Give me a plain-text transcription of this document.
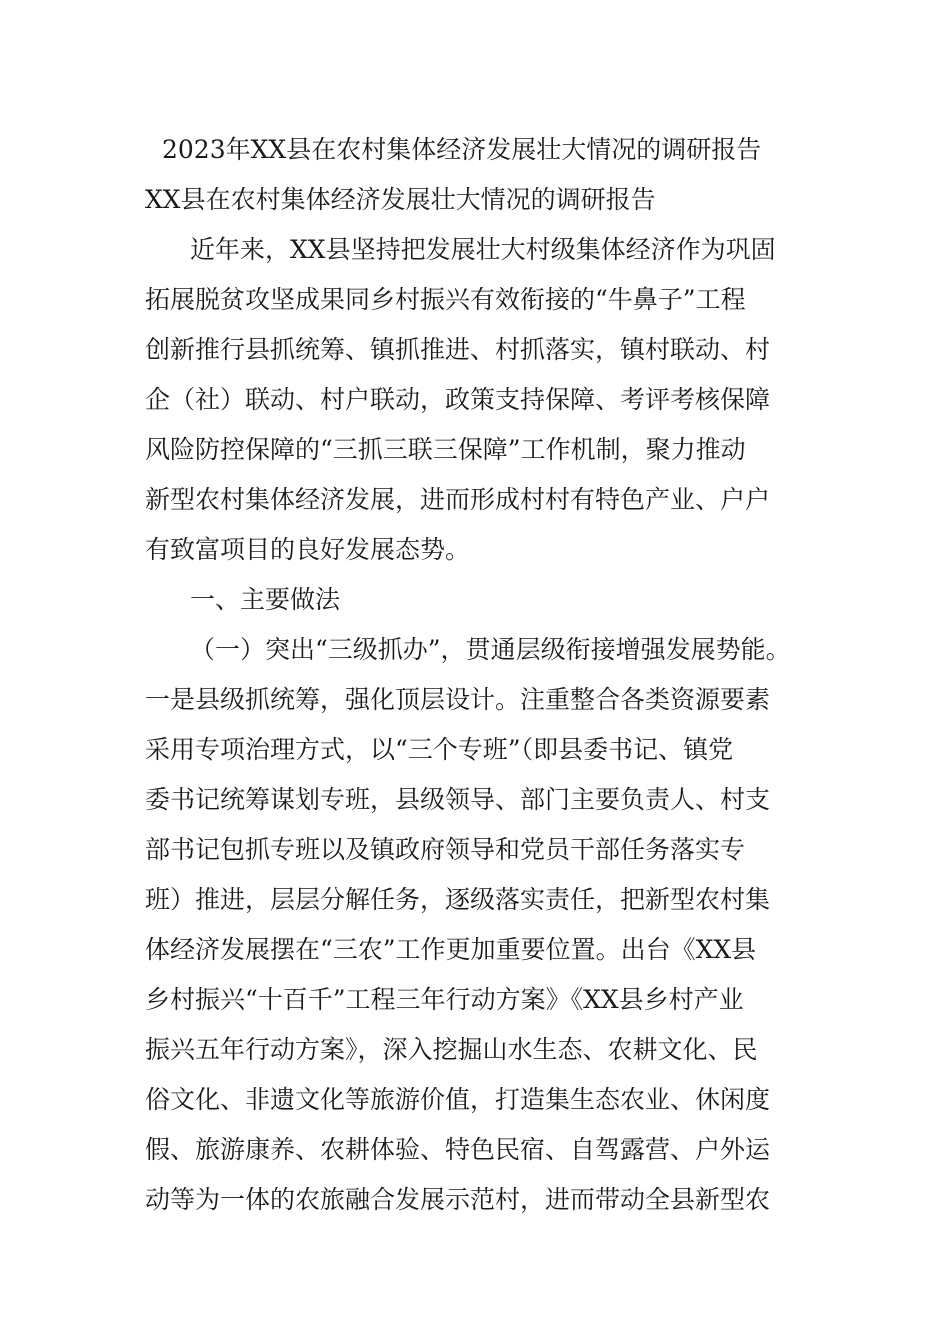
2023年XX县在农村集体经济发展壮大情况的调研报告
XX县在农村集体经济发展壮大情况的调研报告
近年来，XX县坚持把发展壮大村级集体经济作为巩固
拓展脱贫攻坚成果同乡村振兴有效衔接的“牛鼻子”工程
创新推行县抓统筹、镇抓推进、村抓落实，镇村联动、村
企（社）联动、村户联动，政策支持保障、考评考核保障
风险防控保障的“三抓三联三保障”工作机制，聚力推动
新型农村集体经济发展，进而形成村村有特色产业、户户
有致富项目的良好发展态势。
一、主要做法
（一）突出“三级抓办”，贯通层级衔接增强发展势能。
一是县级抓统筹，强化顶层设计。注重整合各类资源要素
采用专项治理方式，以“三个专班”（即县委书记、镇党
委书记统筹谋划专班，县级领导、部门主要负责人、村支
部书记包抓专班以及镇政府领导和党员干部任务落实专
班）推进，层层分解任务，逐级落实责任，把新型农村集
体经济发展摆在“三农”工作更加重要位置。出台《XX县
乡村振兴“十百千”工程三年行动方案》《XX县乡村产业
振兴五年行动方案》，深入挖掘山水生态、农耕文化、民
俗文化、非遗文化等旅游价值，打造集生态农业、休闲度
假、旅游康养、农耕体验、特色民宿、自驾露营、户外运
动等为一体的农旅融合发展示范村，进而带动全县新型农
